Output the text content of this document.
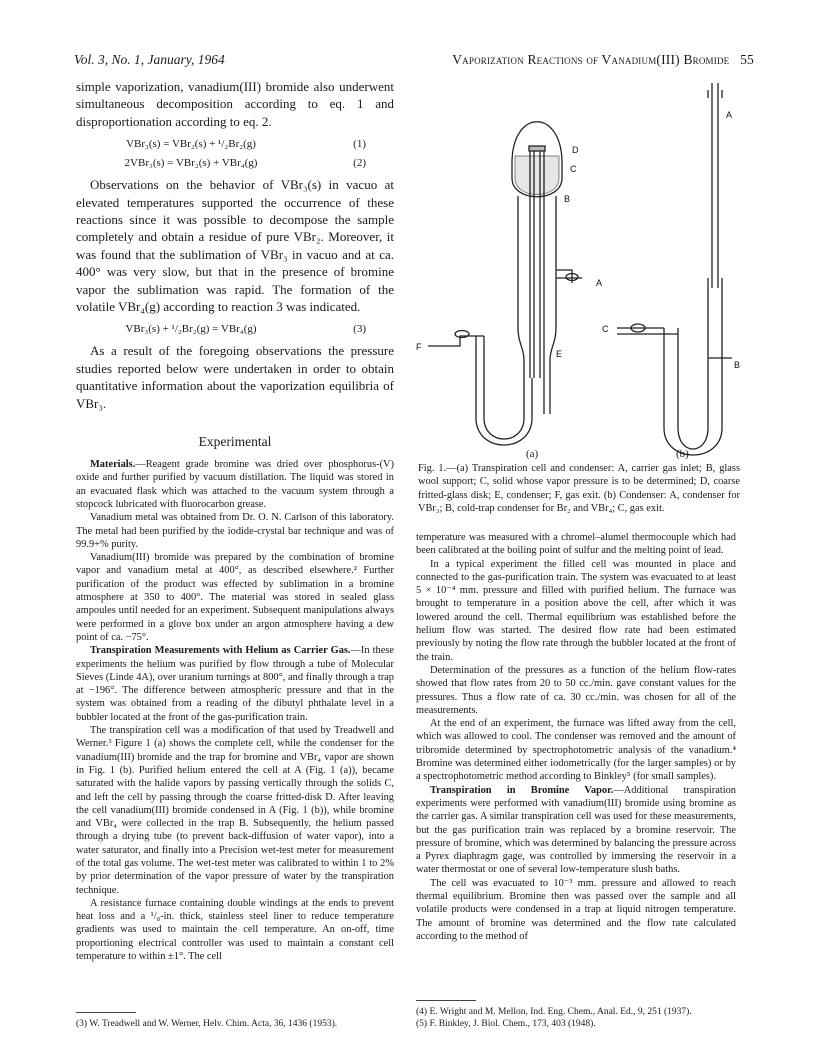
Vol. 3, No. 1, January, 1964	Vaporization Reactions of Vanadium(III) Bromide 55

simple vaporization, vanadium(III) bromide also underwent simultaneous decomposition according to eq. 1 and disproportionation according to eq. 2.

VBr₃(s) = VBr₂(s) + ¹/₂Br₂(g)	(1)
2VBr₃(s) = VBr₂(s) + VBr₄(g)	(2)

Observations on the behavior of VBr₃(s) in vacuo at elevated temperatures supported the occurrence of these reactions since it was possible to decompose the sample completely and obtain a residue of pure VBr₂. Moreover, it was found that the sublimation of VBr₃ in vacuo and at ca. 400° was very slow, but that in the presence of bromine vapor the sublimation was rapid. The formation of the volatile VBr₄(g) according to reaction 3 was indicated.

VBr₃(s) + ¹/₂Br₂(g) = VBr₄(g)	(3)

As a result of the foregoing observations the pressure studies reported below were undertaken in order to obtain quantitative information about the vaporization equilibria of VBr₃.

Experimental

Materials.—Reagent grade bromine was dried over phosphorus-(V) oxide and further purified by vacuum distillation. The liquid was stored in an evacuated flask which was attached to the vacuum system through a stopcock lubricated with fluorocarbon grease.

Vanadium metal was obtained from Dr. O. N. Carlson of this laboratory. The metal had been purified by the iodide-crystal bar technique and was of 99.9+% purity.

Vanadium(III) bromide was prepared by the combination of bromine vapor and vanadium metal at 400°, as described elsewhere.² Further purification of the product was effected by sublimation in a bromine atmosphere at 350 to 400°. The material was stored in sealed glass ampoules until needed for an experiment. Subsequent manipulations always were performed in a glove box under an argon atmosphere having a dew point of ca. −75°.

Transpiration Measurements with Helium as Carrier Gas.—In these experiments the helium was purified by flow through a tube of Molecular Sieves (Linde 4A), over uranium turnings at 800°, and finally through a trap at −196°. The difference between atmospheric pressure and that in the system was obtained from a reading of the dibutyl phthalate level in a bubbler located at the front of the gas-purification train.

The transpiration cell was a modification of that used by Treadwell and Werner.³ Figure 1 (a) shows the complete cell, while the condenser for the vanadium(III) bromide and the trap for bromine and VBr₄ vapor are shown in Fig. 1 (b). Purified helium entered the cell at A (Fig. 1 (a)), became saturated with the halide vapors by passing vertically through the solids C, and left the cell by passing through the coarse fritted-disk D. After leaving the cell vanadium(III) bromide condensed in A (Fig. 1 (b)), while bromine and VBr₄ were collected in the trap B. Subsequently, the helium passed through a drying tube (to prevent back-diffusion of water vapor), into a water saturator, and finally into a Precision wet-test meter for measurement of the total gas volume. The wet-test meter was calibrated to within 1 to 2% by prior determination of the vapor pressure of water by the transpiration technique.

A resistance furnace containing double windings at the ends to prevent heat loss and a ¹/₈-in. thick, stainless steel liner to reduce temperature gradients was used to maintain the cell temperature. An on-off, time proportioning electrical controller was used to maintain a constant cell temperature to within ±1°. The cell

(3) W. Treadwell and W. Werner, Helv. Chim. Acta, 36, 1436 (1953).
A
D
C
B
A
F
E
C
B
(a)	(b)
Fig. 1.—(a) Transpiration cell and condenser: A, carrier gas inlet; B, glass wool support; C, solid whose vapor pressure is to be determined; D, coarse fritted-glass disk; E, condenser; F, gas exit. (b) Condenser: A, condenser for VBr₃; B, cold-trap condenser for Br₂ and VBr₄; C, gas exit.

temperature was measured with a chromel–alumel thermocouple which had been calibrated at the boiling point of sulfur and the melting point of lead.

In a typical experiment the filled cell was mounted in place and connected to the gas-purification train. The system was evacuated to at least 5 × 10⁻⁴ mm. pressure and filled with purified helium. The furnace was brought to temperature in a position above the cell, after which it was lowered around the cell. Thermal equilibrium was established before the helium flow was started. The desired flow rate had been estimated previously by noting the flow rate through the bubbler located at the front of the train.

Determination of the pressures as a function of the helium flow-rates showed that flow rates from 20 to 50 cc./min. gave constant values for the pressures. Thus a flow rate of ca. 30 cc./min. was chosen for all of the measurements.

At the end of an experiment, the furnace was lifted away from the cell, which was allowed to cool. The condenser was removed and the amount of tribromide determined by spectrophotometric analysis of the vanadium.⁴ Bromine was determined either iodometrically (for the larger samples) or by a spectrophotometric method according to Binkley⁵ (for small samples).

Transpiration in Bromine Vapor.—Additional transpiration experiments were performed with vanadium(III) bromide using bromine as the carrier gas. A similar transpiration cell was used for these measurements, but the gas purification train was replaced by a bromine reservoir. The pressure of bromine, which was determined by balancing the pressure across a Pyrex diaphragm gage, was controlled by immersing the reservoir in a water thermostat or one of several low-temperature slush baths.

The cell was evacuated to 10⁻³ mm. pressure and allowed to reach thermal equilibrium. Bromine then was passed over the sample and all volatile products were condensed in a trap at liquid nitrogen temperature. The amount of bromine was determined and the flow rate calculated according to the method of

(4) E. Wright and M. Mellon, Ind. Eng. Chem., Anal. Ed., 9, 251 (1937).
(5) F. Binkley, J. Biol. Chem., 173, 403 (1948).
